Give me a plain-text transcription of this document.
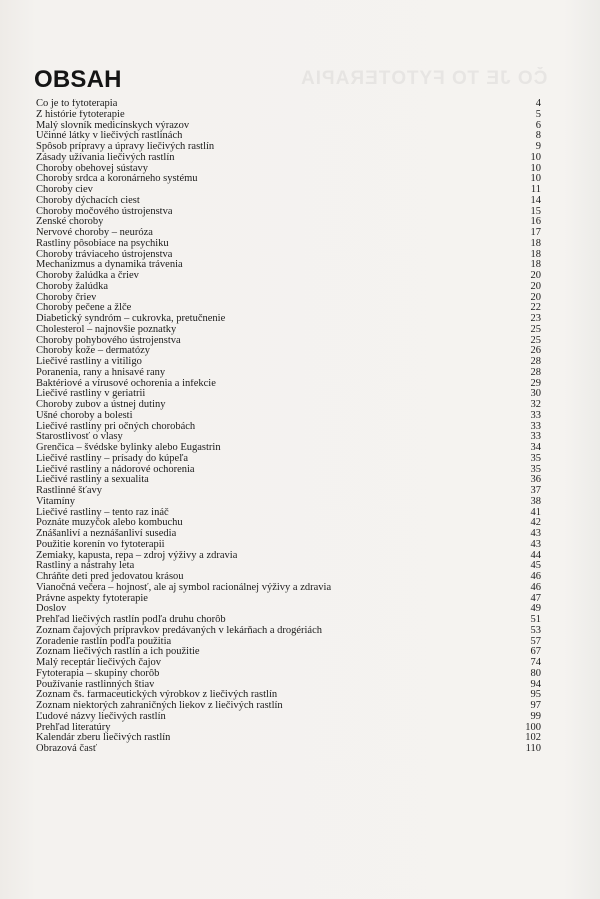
ČO JE TO FYTOTERAPIA
OBSAH
Čo je to fytoterapia	4
Z histórie fytoterapie	5
Malý slovník medicínskych výrazov	6
Účinné látky v liečivých rastlinách	8
Spôsob prípravy a úpravy liečivých rastlín	9
Zásady užívania liečivých rastlín	10
Choroby obehovej sústavy	10
Choroby srdca a koronárneho systému	10
Choroby ciev	11
Choroby dýchacích ciest	14
Choroby močového ústrojenstva	15
Ženské choroby	16
Nervové choroby – neuróza	17
Rastliny pôsobiace na psychiku	18
Choroby tráviaceho ústrojenstva	18
Mechanizmus a dynamika trávenia	18
Choroby žalúdka a čriev	20
Choroby žalúdka	20
Choroby čriev	20
Choroby pečene a žlče	22
Diabetický syndróm – cukrovka, pretučnenie	23
Cholesterol – najnovšie poznatky	25
Choroby pohybového ústrojenstva	25
Choroby kože – dermatózy	26
Liečivé rastliny a vitiligo	28
Poranenia, rany a hnisavé rany	28
Baktériové a vírusové ochorenia a infekcie	29
Liečivé rastliny v geriatrii	30
Choroby zubov a ústnej dutiny	32
Ušné choroby a bolesti	33
Liečivé rastliny pri očných chorobách	33
Starostlivosť o vlasy	33
Grenčica – švédske bylinky alebo Eugastrin	34
Liečivé rastliny – prísady do kúpeľa	35
Liečivé rastliny a nádorové ochorenia	35
Liečivé rastliny a sexualita	36
Rastlinné šťavy	37
Vitamíny	38
Liečivé rastliny – tento raz ináč	41
Poznáte muzyčok alebo kombuchu	42
Znášanliví a neznášanliví susedia	43
Použitie korenín vo fytoterapii	43
Zemiaky, kapusta, repa – zdroj výživy a zdravia	44
Rastliny a nástrahy leta	45
Chráňte deti pred jedovatou krásou	46
Vianočná večera – hojnosť, ale aj symbol racionálnej výživy a zdravia	46
Právne aspekty fytoterapie	47
Doslov	49
Prehľad liečivých rastlín podľa druhu chorôb	51
Zoznam čajových prípravkov predávaných v lekárňach a drogériách	53
Zoradenie rastlín podľa použitia	57
Zoznam liečivých rastlín a ich použitie	67
Malý receptár liečivých čajov	74
Fytoterapia – skupiny chorôb	80
Používanie rastlinných štiav	94
Zoznam čs. farmaceutických výrobkov z liečivých rastlín	95
Zoznam niektorých zahraničných liekov z liečivých rastlín	97
Ľudové názvy liečivých rastlín	99
Prehľad literatúry	100
Kalendár zberu liečivých rastlín	102
Obrazová časť	110
